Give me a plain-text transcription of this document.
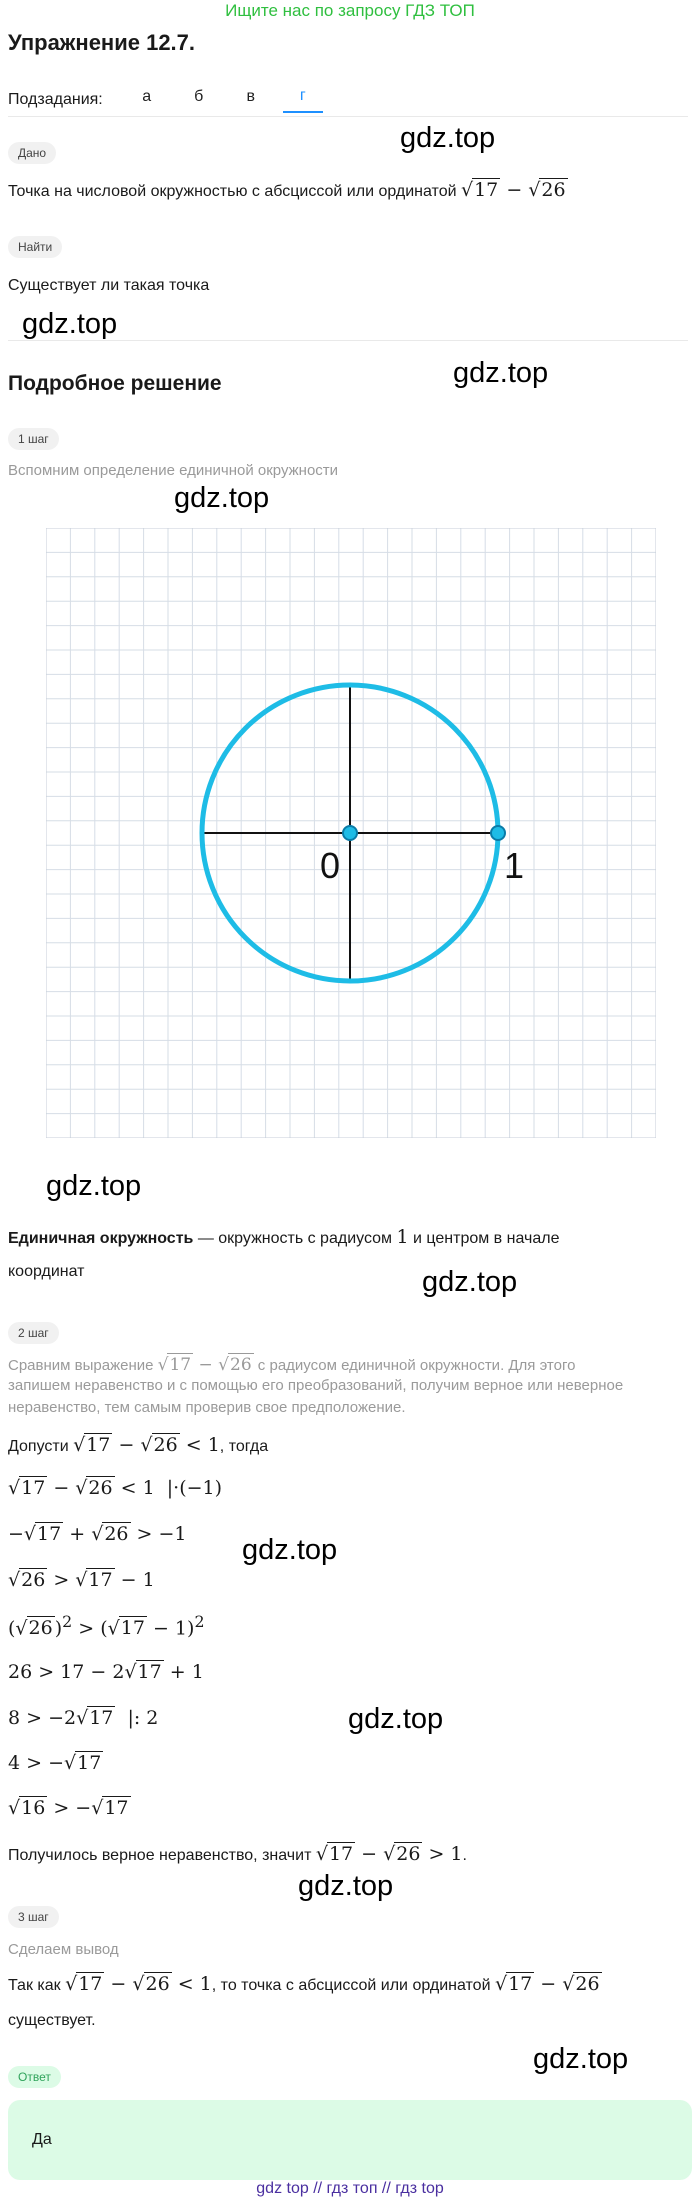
Ищите нас по запросу ГДЗ ТОП
Упражнение 12.7.
Подзадания:	а	б	в	г
Дано
Точка на числовой окружностью с абсциссой или ординатой √17 − √26
Найти
Существует ли такая точка
Подробное решение
1 шаг
Вспомним определение единичной окружности
0	1
Единичная окружность — окружность с радиусом 1 и центром в начале
координат
2 шаг
Сравним выражение √17 − √26 с радиусом единичной окружности. Для этого
запишем неравенство и с помощью его преобразований, получим верное или неверное
неравенство, тем самым проверив свое предположение.
Допусти √17 − √26 < 1, тогда
√17 − √26 < 1  |·(−1)
−√17 + √26 > −1
√26 > √17 − 1
(√26 )$^2 > (√17 - 1)^2$
26 > 17 − 2√17 + 1
8 > −2√17  |: 2
4 > −√17
√16 > −√17
Получилось верное неравенство, значит √17 − √26 > 1.
3 шаг
Сделаем вывод
Так как √17 − √26 < 1, то точка с абсциссой или ординатой √17 − √26
существует.
Ответ
Да
gdz top // гдз топ // гдз top
gdz.top
gdz.top
gdz.top
gdz.top
gdz.top
gdz.top
gdz.top
gdz.top
gdz.top
gdz.top
